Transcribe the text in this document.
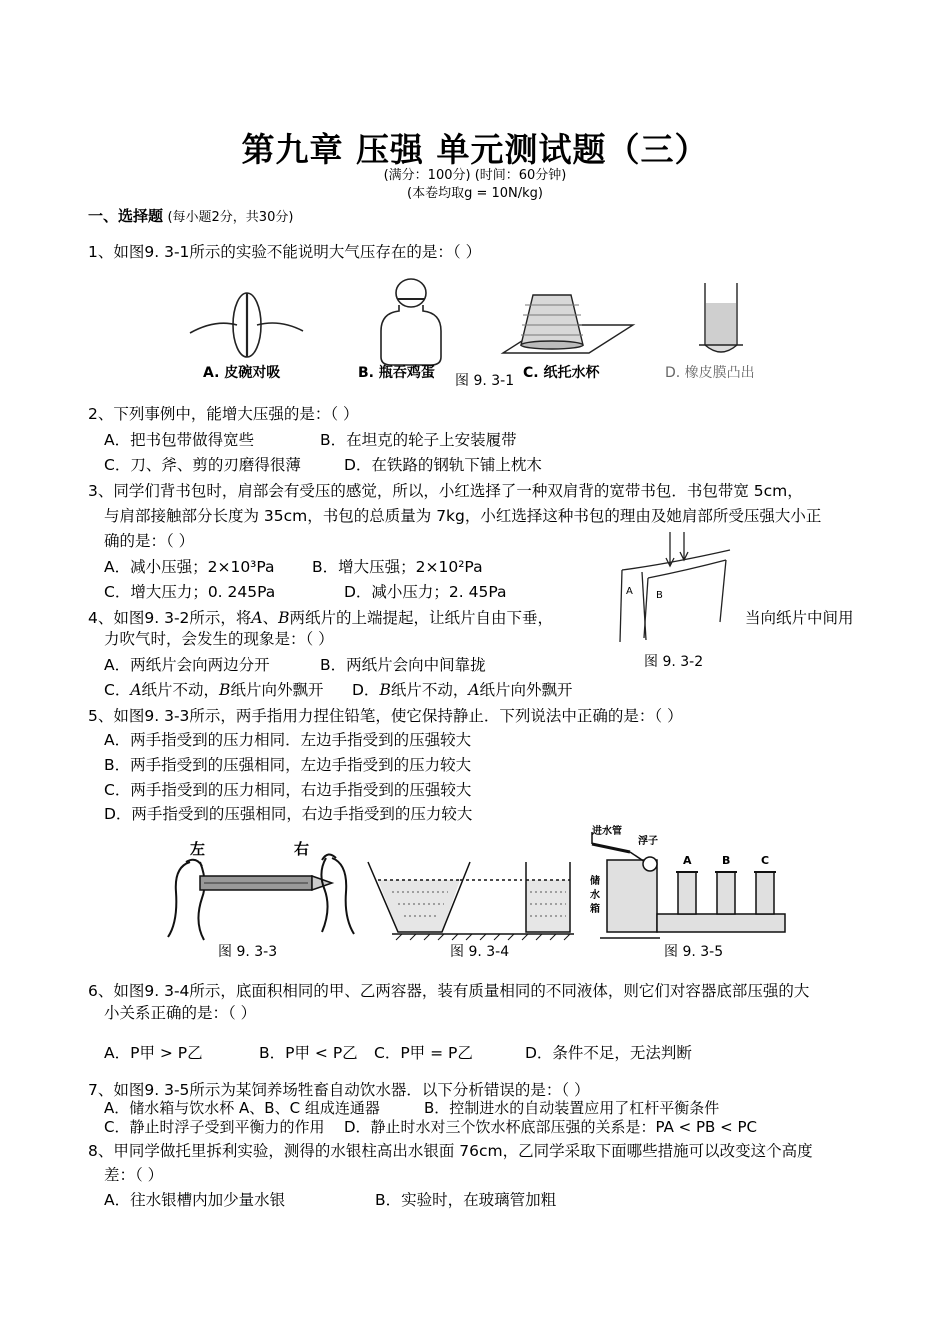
第九章 压强 单元测试题（三）
(满分：100分) (时间：60分钟)
(本卷均取g = 10N/kg)
一、选择题 (每小题2分，共30分)
1、如图9. 3-1所示的实验不能说明大气压存在的是：（ ）
A. 皮碗对吸	B. 瓶吞鸡蛋 图 9. 3-1 C. 纸托水杯	D. 橡皮膜凸出
2、下列事例中，能增大压强的是：（ ）
A．把书包带做得宽些	B．在坦克的轮子上安装履带
C．刀、斧、剪的刃磨得很薄	D．在铁路的钢轨下铺上枕木
3、同学们背书包时，肩部会有受压的感觉，所以，小红选择了一种双肩背的宽带书包．书包带宽 5cm，
与肩部接触部分长度为 35cm，书包的总质量为 7kg，小红选择这种书包的理由及她肩部所受压强大小正
确的是：（ ）
A．减小压强；2×10³Pa B．增大压强；2×10²Pa
C．增大压力；0. 245Pa	D．减小压力；2. 45Pa	A B
图 9. 3-2
4、如图9. 3-2所示，将A、B两纸片的上端提起，让纸片自由下垂，	当向纸片中间用
力吹气时，会发生的现象是：（ ）
A．两纸片会向两边分开	B．两纸片会向中间靠拢
C．A纸片不动，B纸片向外飘开 D．B纸片不动，A纸片向外飘开
5、如图9. 3-3所示，两手指用力捏住铅笔，使它保持静止．下列说法中正确的是：（ ）
A．两手指受到的压力相同．左边手指受到的压强较大
B．两手指受到的压强相同，左边手指受到的压力较大
C．两手指受到的压力相同，右边手指受到的压强较大
D．两手指受到的压强相同，右边手指受到的压力较大
左	右
图 9. 3-3	图 9. 3-4
进水管
浮子
储
水
箱
A	B	C
图 9. 3-5
6、如图9. 3-4所示，底面积相同的甲、乙两容器，装有质量相同的不同液体，则它们对容器底部压强的大
小关系正确的是：（ ）
A．P甲 > P乙	B．P甲 < P乙 C．P甲 = P乙	D．条件不足，无法判断
7、如图9. 3-5所示为某饲养场牲畜自动饮水器．以下分析错误的是：（ ）
A．储水箱与饮水杯 A、B、C 组成连通器	B．控制进水的自动装置应用了杠杆平衡条件
C．静止时浮子受到平衡力的作用 D．静止时水对三个饮水杯底部压强的关系是：PA < PB < PC
8、甲同学做托里拆利实验，测得的水银柱高出水银面 76cm，乙同学采取下面哪些措施可以改变这个高度
差：（ ）
A．往水银槽内加少量水银	B．实验时，在玻璃管加粗
